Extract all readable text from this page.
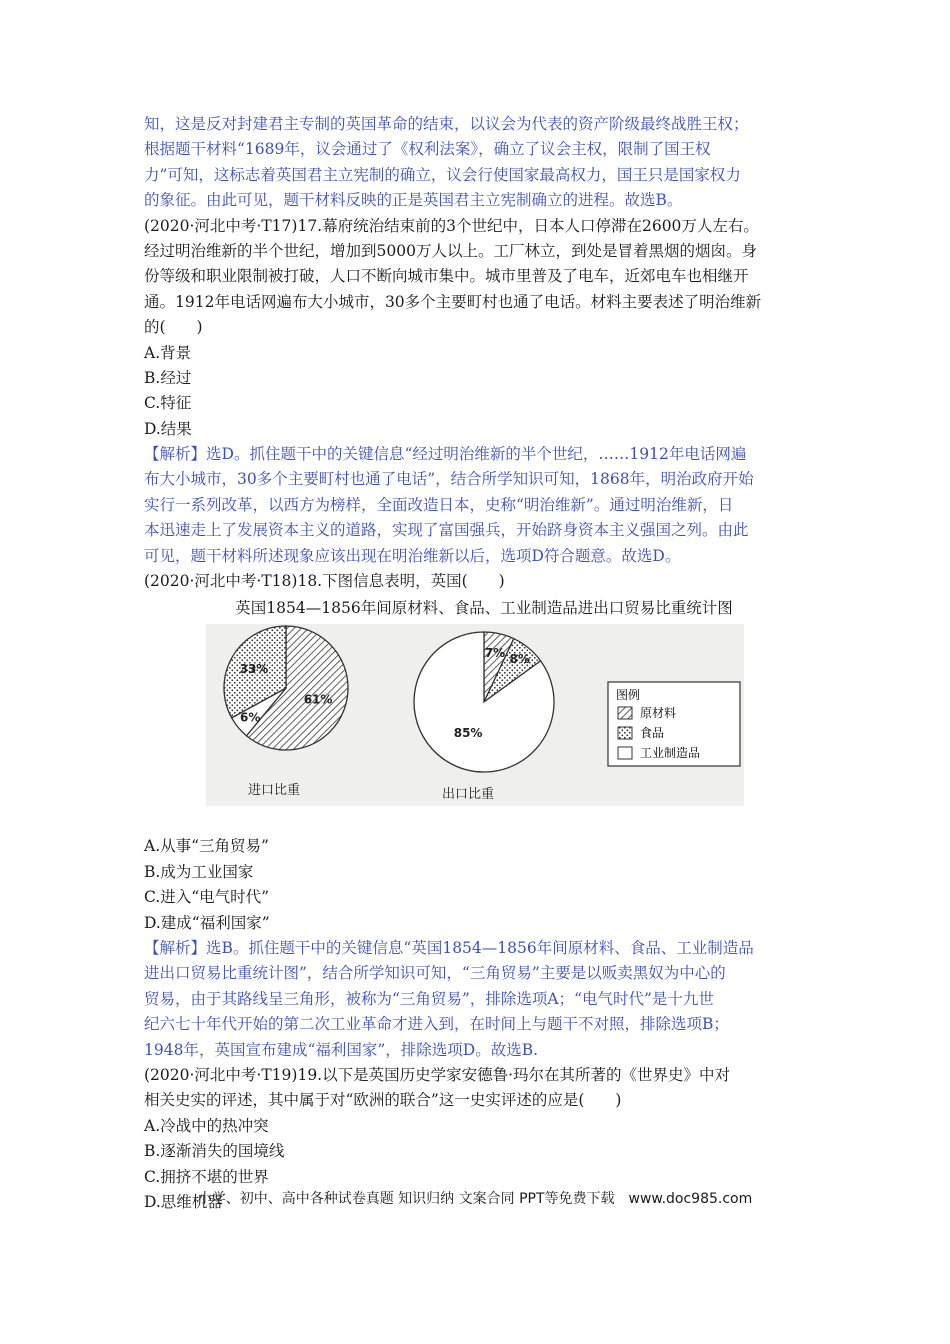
知，这是反对封建君主专制的英国革命的结束，以议会为代表的资产阶级最终战胜王权；

根据题干材料“1689年，议会通过了《权利法案》，确立了议会主权，限制了国王权

力”可知，这标志着英国君主立宪制的确立，议会行使国家最高权力，国王只是国家权力

的象征。由此可见，题干材料反映的正是英国君主立宪制确立的进程。故选B。

(2020·河北中考·T17)17.幕府统治结束前的3个世纪中，日本人口停滞在2600万人左右。

经过明治维新的半个世纪，增加到5000万人以上。工厂林立，到处是冒着黑烟的烟囱。身

份等级和职业限制被打破，人口不断向城市集中。城市里普及了电车，近郊电车也相继开

通。1912年电话网遍布大小城市，30多个主要町村也通了电话。材料主要表述了明治维新

的(　　)

A.背景

B.经过

C.特征

D.结果

【解析】选D。抓住题干中的关键信息“经过明治维新的半个世纪，……1912年电话网遍

布大小城市，30多个主要町村也通了电话”，结合所学知识可知，1868年，明治政府开始

实行一系列改革，以西方为榜样，全面改造日本，史称“明治维新”。通过明治维新，日

本迅速走上了发展资本主义的道路，实现了富国强兵，开始跻身资本主义强国之列。由此

可见，题干材料所述现象应该出现在明治维新以后，选项D符合题意。故选D。

(2020·河北中考·T18)18.下图信息表明，英国(　　)

英国1854—1856年间原材料、食品、工业制造品进出口贸易比重统计图
61%
6%
33%
进口比重
7% 8%
85%
出口比重
图例
原材料
食品
工业制造品

A.从事“三角贸易”

B.成为工业国家

C.进入“电气时代”

D.建成“福利国家”

【解析】选B。抓住题干中的关键信息“英国1854—1856年间原材料、食品、工业制造品

进出口贸易比重统计图”，结合所学知识可知，“三角贸易”主要是以贩卖黑奴为中心的

贸易，由于其路线呈三角形，被称为“三角贸易”，排除选项A；“电气时代”是十九世

纪六七十年代开始的第二次工业革命才进入到，在时间上与题干不对照，排除选项B；

1948年，英国宣布建成“福利国家”，排除选项D。故选B.

(2020·河北中考·T19)19.以下是英国历史学家安德鲁·玛尔在其所著的《世界史》中对

相关史实的评述，其中属于对“欧洲的联合”这一史实评述的应是(　　)

A.冷战中的热冲突

B.逐渐消失的国境线

C.拥挤不堪的世界

D.思维机器

小学、初中、高中各种试卷真题 知识归纳 文案合同 PPT等免费下载　www.doc985.com
